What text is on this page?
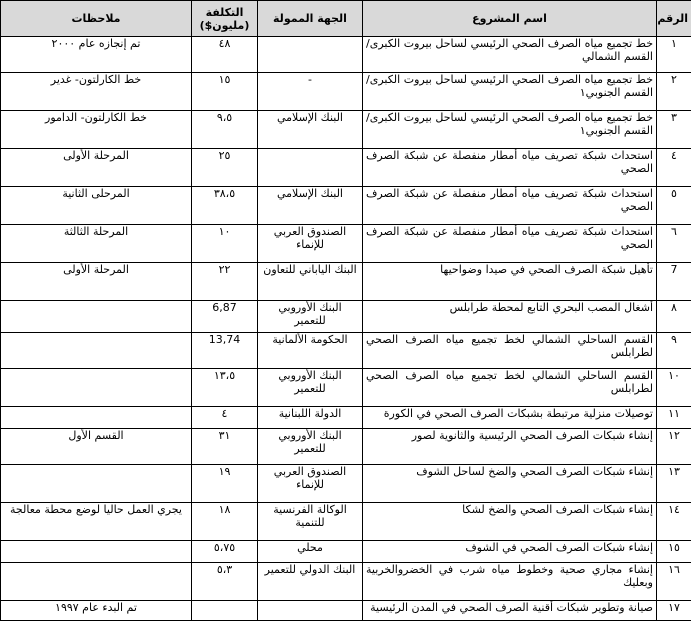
الرقم	اسم المشروع	الجهة الممولة	التكلفة (مليون$)	ملاحظات
١	خط تجميع مياه الصرف الصحي الرئيسي لساحل بيروت الكبرى/ القسم الشمالي		٤٨	تم إنجازه عام ٢٠٠٠
٢	خط تجميع مياه الصرف الصحي الرئيسي لساحل بيروت الكبرى/القسم الجنوبي١	-	١٥	خط الكارلتون- غدير
٣	خط تجميع مياه الصرف الصحي الرئيسي لساحل بيروت الكبرى/القسم الجنوبي١	البنك الإسلامي	٩،٥	خط الكارلتون- الدامور
٤	استحداث شبكة تصريف مياه أمطار منفصلة عن شبكة الصرف الصحي		٢٥	المرحلة الأولى
٥	استحداث شبكة تصريف مياه أمطار منفصلة عن شبكة الصرف الصحي	البنك الإسلامي	٣٨،٥	المرحلى الثانية
٦	استحداث شبكة تصريف مياه أمطار منفصلة عن شبكة الصرف الصحي	الصندوق العربي للإنماء	١٠	المرحلة الثالثة
7	تأهيل شبكة الصرف الصحي في صيدا وضواحيها	البنك الياباني للتعاون	٢٢	المرحلة الأولى
٨	أشغال المصب البحري التابع لمحطة طرابلس	البنك الأوروبي للتعمير	6,87	
٩	القسم الساحلي الشمالي لخط تجميع مياه الصرف الصحي لطرابلس	الحكومة الألمانية	13,74	
١٠	القسم الساحلي الشمالي لخط تجميع مياه الصرف الصحي لطرابلس	البنك الأوروبي للتعمير	١٣،٥	
١١	توصيلات منزلية مرتبطة بشبكات الصرف الصحي في الكورة	الدولة اللبنانية	٤	
١٢	إنشاء شبكات الصرف الصحي الرئيسية والثانوية لصور	البنك الأوروبي للتعمير	٣١	القسم الأول
١٣	إنشاء شبكات الصرف الصحي والضخ لساحل الشوف	الصندوق العربي للإنماء	١٩	
١٤	إنشاء شبكات الصرف الصحي والضخ لشكا	الوكالة الفرنسية للتنمية	١٨	يجري العمل حاليا لوضع محطة معالجة
١٥	إنشاء شبكات الصرف الصحي في الشوف	محلي	٥،٧٥	
١٦	إنشاء مجاري صحية وخطوط مياه شرب في الخضروالخربية وبعليك	البنك الدولي للتعمير	٥،٣	
١٧	صيانة وتطوير شبكات أقنية الصرف الصحي في المدن الرئيسية			تم البدء عام ١٩٩٧
